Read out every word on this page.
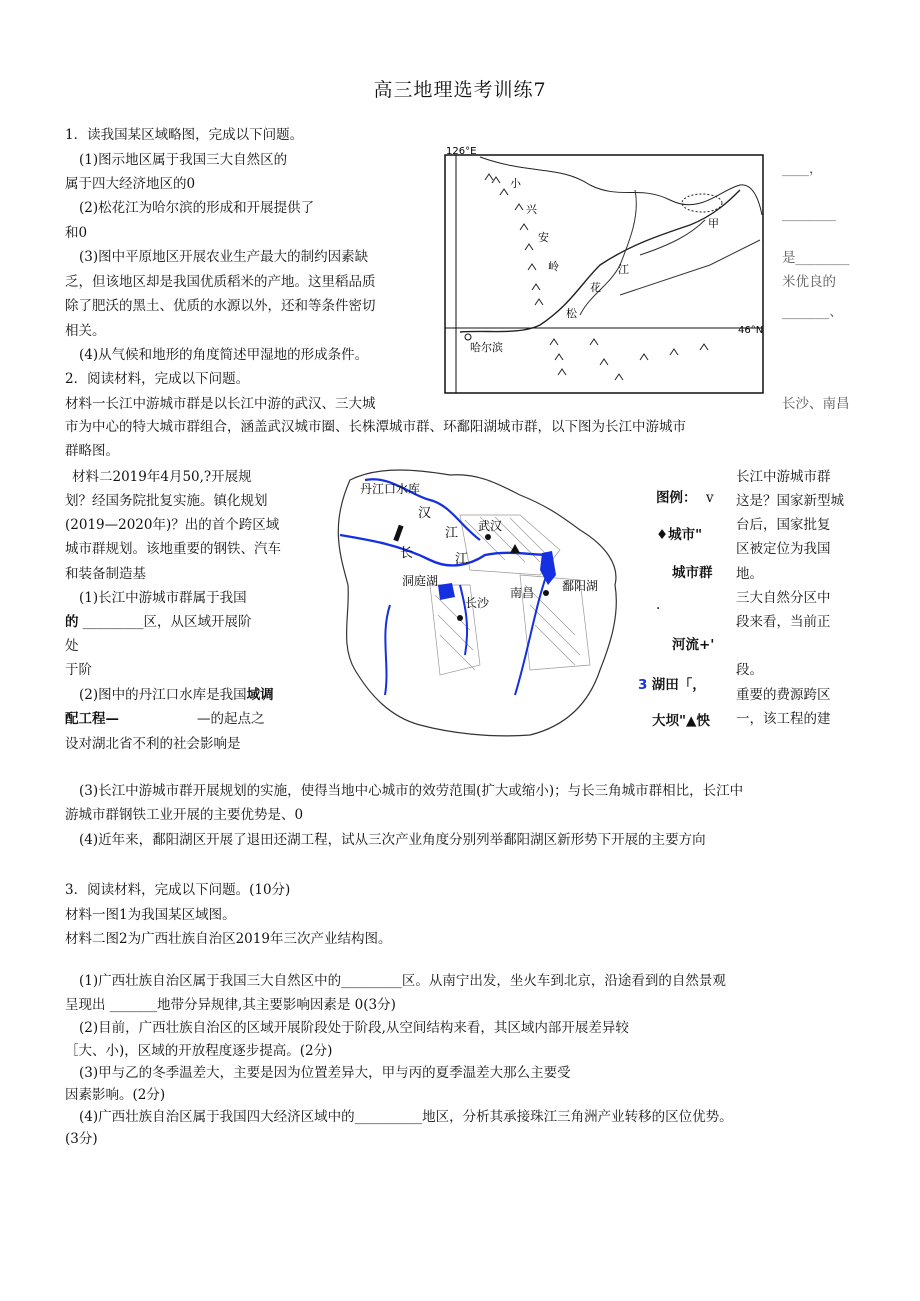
高三地理选考训练7
1．读我国某区域略图，完成以下问题。
(1)图示地区属于我国三大自然区的
属于四大经济地区的0
(2)松花江为哈尔滨的形成和开展提供了
和0
(3)图中平原地区开展农业生产最大的制约因素缺
乏，但该地区却是我国优质稻米的产地。这里稻品质
除了肥沃的黑土、优质的水源以外，还和等条件密切
相关。
(4)从气候和地形的角度简述甲湿地的形成条件。
____，
________
是________
米优良的
_______、
126°E
46°N
小
兴
安
岭
花
江
松
甲
哈尔滨
2．阅读材料，完成以下问题。
长沙、南昌
材料一长江中游城市群是以长江中游的武汉、三大城
市为中心的特大城市群组合，涵盖武汉城市圈、长株潭城市群、环鄱阳湖城市群，以下图为长江中游城市
群略图。
材料二2019年4月50,?开展规
划？经国务院批复实施。镇化规划
(2019—2020年)？出的首个跨区域
城市群规划。该地重要的钢铁、汽车
和装备制造基
(1)长江中游城市群属于我国
的 _________区，从区域开展阶
处
于阶
(2)图中的丹江口水库是我国域调
配工程—	—的起点之
设对湖北省不利的社会影响是
丹江口水库
汉
江 武汉
长	江
洞庭湖
长沙
南昌 鄱阳湖
图例： v
♦城市"
城市群
.
河流+'
3 湖田「，
大坝"▲怏
长江中游城市群
这是？国家新型城
台后，国家批复
区被定位为我国
地。
三大自然分区中
段来看，当前正
段。
重要的费源跨区
一，该工程的建
(3)长江中游城市群开展规划的实施，使得当地中心城市的效劳范围(扩大或缩小)；与长三角城市群相比，长江中
游城市群钢铁工业开展的主要优势是、0
(4)近年来，鄱阳湖区开展了退田还湖工程，试从三次产业角度分别列举鄱阳湖区新形势下开展的主要方向
3．阅读材料，完成以下问题。(10分)
材料一图1为我国某区域图。
材料二图2为广西壮族自治区2019年三次产业结构图。
(1)广西壮族自治区属于我国三大自然区中的_________区。从南宁出发，坐火车到北京，沿途看到的自然景观
呈现出 _______地带分异规律,其主要影响因素是 0(3分)
(2)目前，广西壮族自治区的区域开展阶段处于阶段,从空间结构来看，其区域内部开展差异较
［大、小)，区域的开放程度逐步提高。(2分)
(3)甲与乙的冬季温差大，主要是因为位置差异大，甲与丙的夏季温差大那么主要受
因素影响。(2分)
(4)广西壮族自治区属于我国四大经济区域中的__________地区，分析其承接珠江三角洲产业转移的区位优势。
(3分)
